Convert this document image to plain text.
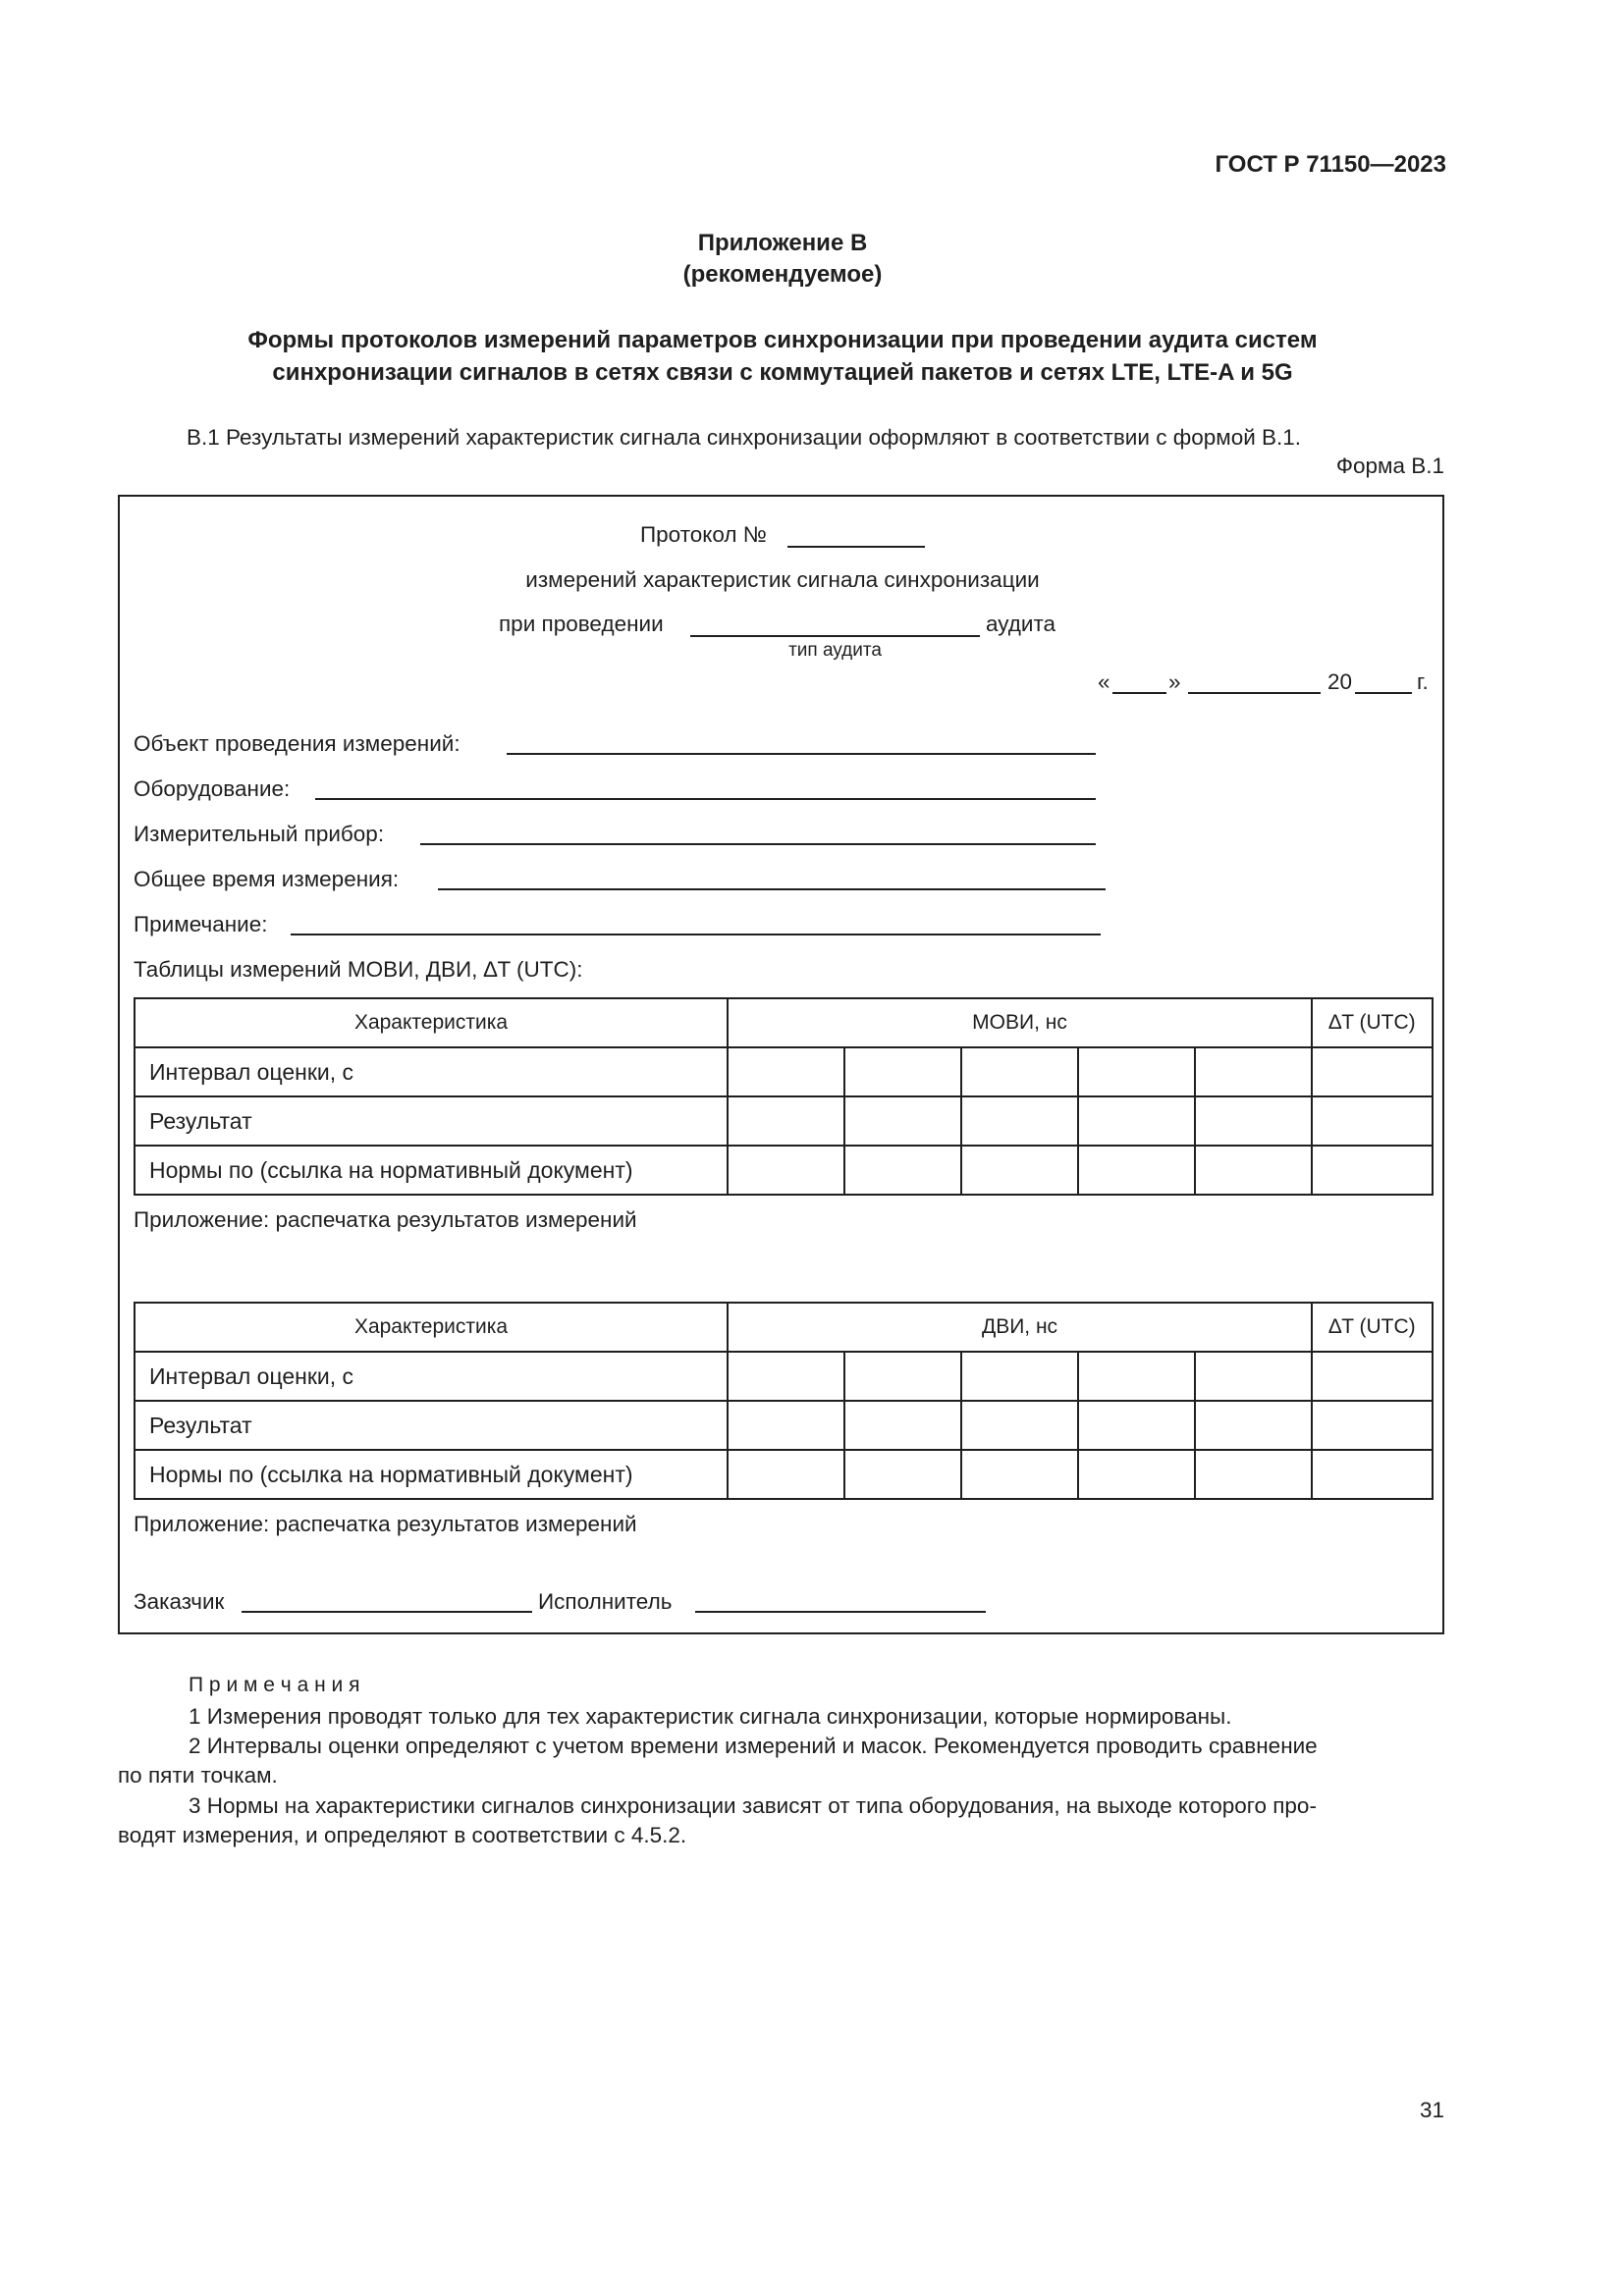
ГОСТ Р 71150—2023
Приложение В
(рекомендуемое)
Формы протоколов измерений параметров синхронизации при проведении аудита систем
синхронизации сигналов в сетях связи с коммутацией пакетов и сетях LTE, LTE-A и 5G
В.1 Результаты измерений характеристик сигнала синхронизации оформляют в соответствии с формой В.1.
Форма В.1
Протокол №
измерений характеристик сигнала синхронизации
при проведении	аудита
тип аудита
«	»	20	г.
Объект проведения измерений:
Оборудование:
Измерительный прибор:
Общее время измерения:
Примечание:
Таблицы измерений МОВИ, ДВИ, ∆T (UTC):
Характеристика	МОВИ, нс					∆T (UTC)
Интервал оценки, с						
Результат						
Нормы по (ссылка на нормативный документ)						
Приложение: распечатка результатов измерений
Характеристика	ДВИ, нс					∆T (UTC)
Интервал оценки, с						
Результат						
Нормы по (ссылка на нормативный документ)						
Приложение: распечатка результатов измерений
Заказчик	Исполнитель
П р и м е ч а н и я
1 Измерения проводят только для тех характеристик сигнала синхронизации, которые нормированы.
2 Интервалы оценки определяют с учетом времени измерений и масок. Рекомендуется проводить сравнение
по пяти точкам.
3 Нормы на характеристики сигналов синхронизации зависят от типа оборудования, на выходе которого про-
водят измерения, и определяют в соответствии с 4.5.2.
31
